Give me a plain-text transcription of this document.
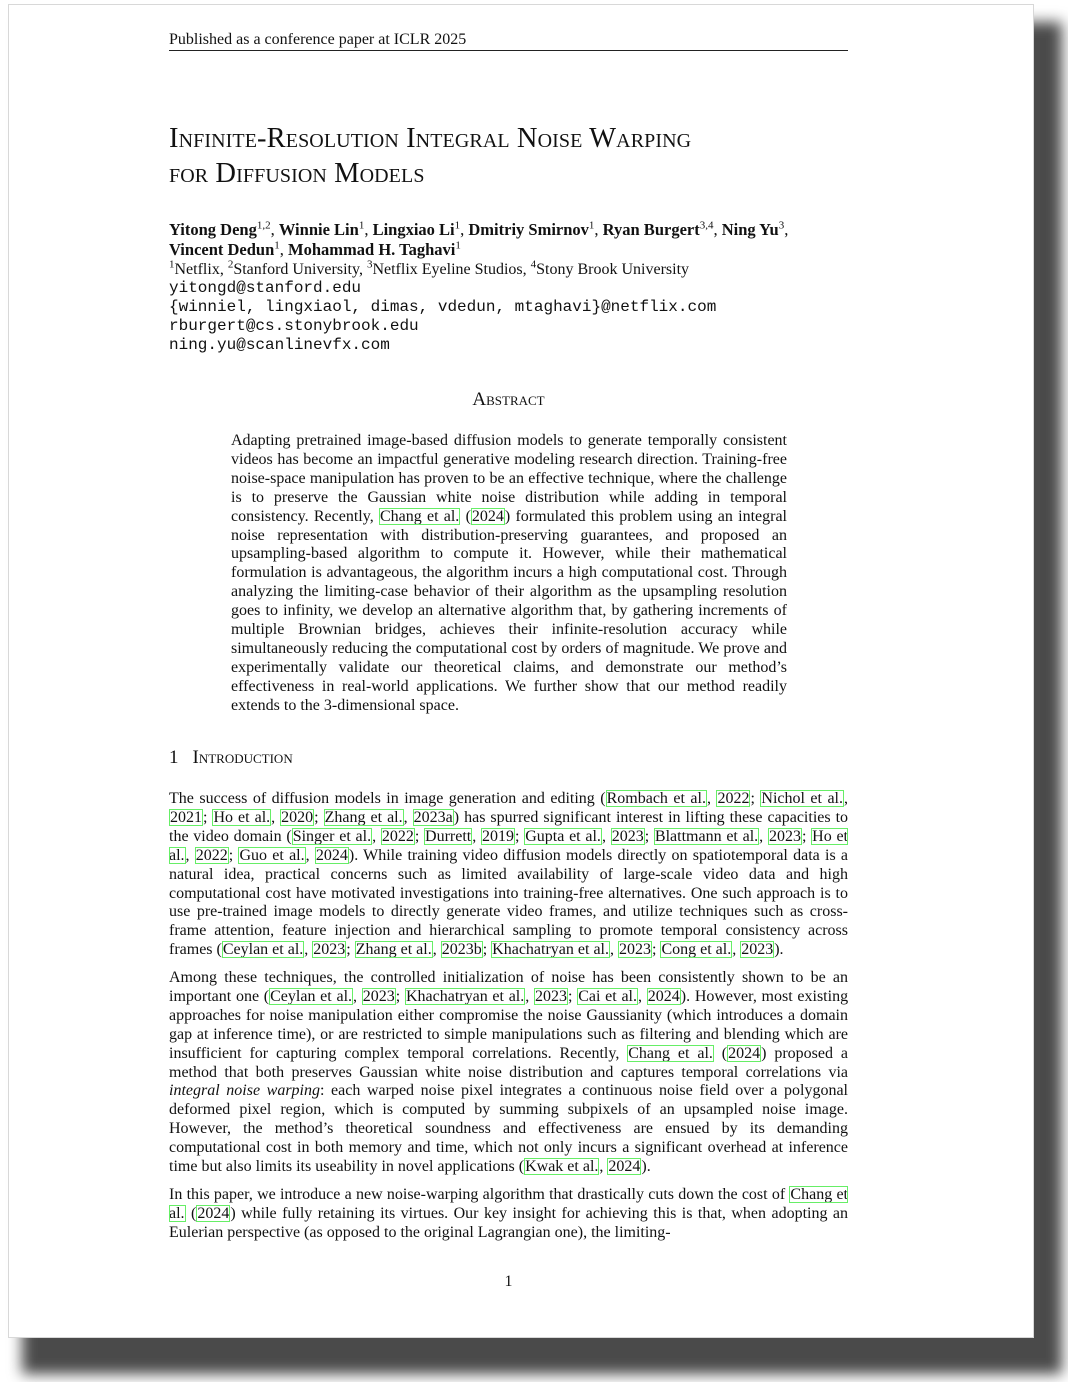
Published as a conference paper at ICLR 2025
Infinite-Resolution Integral Noise Warping
for Diffusion Models
Yitong Deng$^{1,2}$, Winnie Lin$^1$, Lingxiao Li$^1$, Dmitriy Smirnov$^1$, Ryan Burgert$^{3,4}$, Ning Yu$^3$,
Vincent Dedun$^1$, Mohammad H. Taghavi$^1$
$^1$Netflix, $^2$Stanford University, $^3$Netflix Eyeline Studios, $^4$Stony Brook University
yitongd@stanford.edu
{winniel, lingxiaol, dimas, vdedun, mtaghavi}@netflix.com
rburgert@cs.stonybrook.edu
ning.yu@scanlinevfx.com
Abstract
Adapting pretrained image-based diffusion models to generate temporally consistent videos has become an impactful generative modeling research direction. Training-free noise-space manipulation has proven to be an effective technique, where the challenge is to preserve the Gaussian white noise distribution while adding in temporal consistency. Recently, Chang et al. (2024) formulated this problem using an integral noise representation with distribution-preserving guarantees, and proposed an upsampling-based algorithm to compute it. However, while their mathematical formulation is advantageous, the algorithm incurs a high computational cost. Through analyzing the limiting-case behavior of their algorithm as the upsampling resolution goes to infinity, we develop an alternative algorithm that, by gathering increments of multiple Brownian bridges, achieves their infinite-resolution accuracy while simultaneously reducing the computational cost by orders of magnitude. We prove and experimentally validate our theoretical claims, and demonstrate our method’s effectiveness in real-world applications. We further show that our method readily extends to the 3-dimensional space.
1 Introduction

The success of diffusion models in image generation and editing (Rombach et al., 2022; Nichol et al., 2021; Ho et al., 2020; Zhang et al., 2023a) has spurred significant interest in lifting these capacities to the video domain (Singer et al., 2022; Durrett, 2019; Gupta et al., 2023; Blattmann et al., 2023; Ho et al., 2022; Guo et al., 2024). While training video diffusion models directly on spatiotemporal data is a natural idea, practical concerns such as limited availability of large-scale video data and high computational cost have motivated investigations into training-free alternatives. One such approach is to use pre-trained image models to directly generate video frames, and utilize techniques such as cross-frame attention, feature injection and hierarchical sampling to promote temporal consistency across frames (Ceylan et al., 2023; Zhang et al., 2023b; Khachatryan et al., 2023; Cong et al., 2023).

Among these techniques, the controlled initialization of noise has been consistently shown to be an important one (Ceylan et al., 2023; Khachatryan et al., 2023; Cai et al., 2024). However, most existing approaches for noise manipulation either compromise the noise Gaussianity (which introduces a domain gap at inference time), or are restricted to simple manipulations such as filtering and blending which are insufficient for capturing complex temporal correlations. Recently, Chang et al. (2024) proposed a method that both preserves Gaussian white noise distribution and captures temporal correlations via integral noise warping: each warped noise pixel integrates a continuous noise field over a polygonal deformed pixel region, which is computed by summing subpixels of an upsampled noise image. However, the method’s theoretical soundness and effectiveness are ensued by its demanding computational cost in both memory and time, which not only incurs a significant overhead at inference time but also limits its useability in novel applications (Kwak et al., 2024).

In this paper, we introduce a new noise-warping algorithm that drastically cuts down the cost of Chang et al. (2024) while fully retaining its virtues. Our key insight for achieving this is that, when adopting an Eulerian perspective (as opposed to the original Lagrangian one), the limiting-

1
